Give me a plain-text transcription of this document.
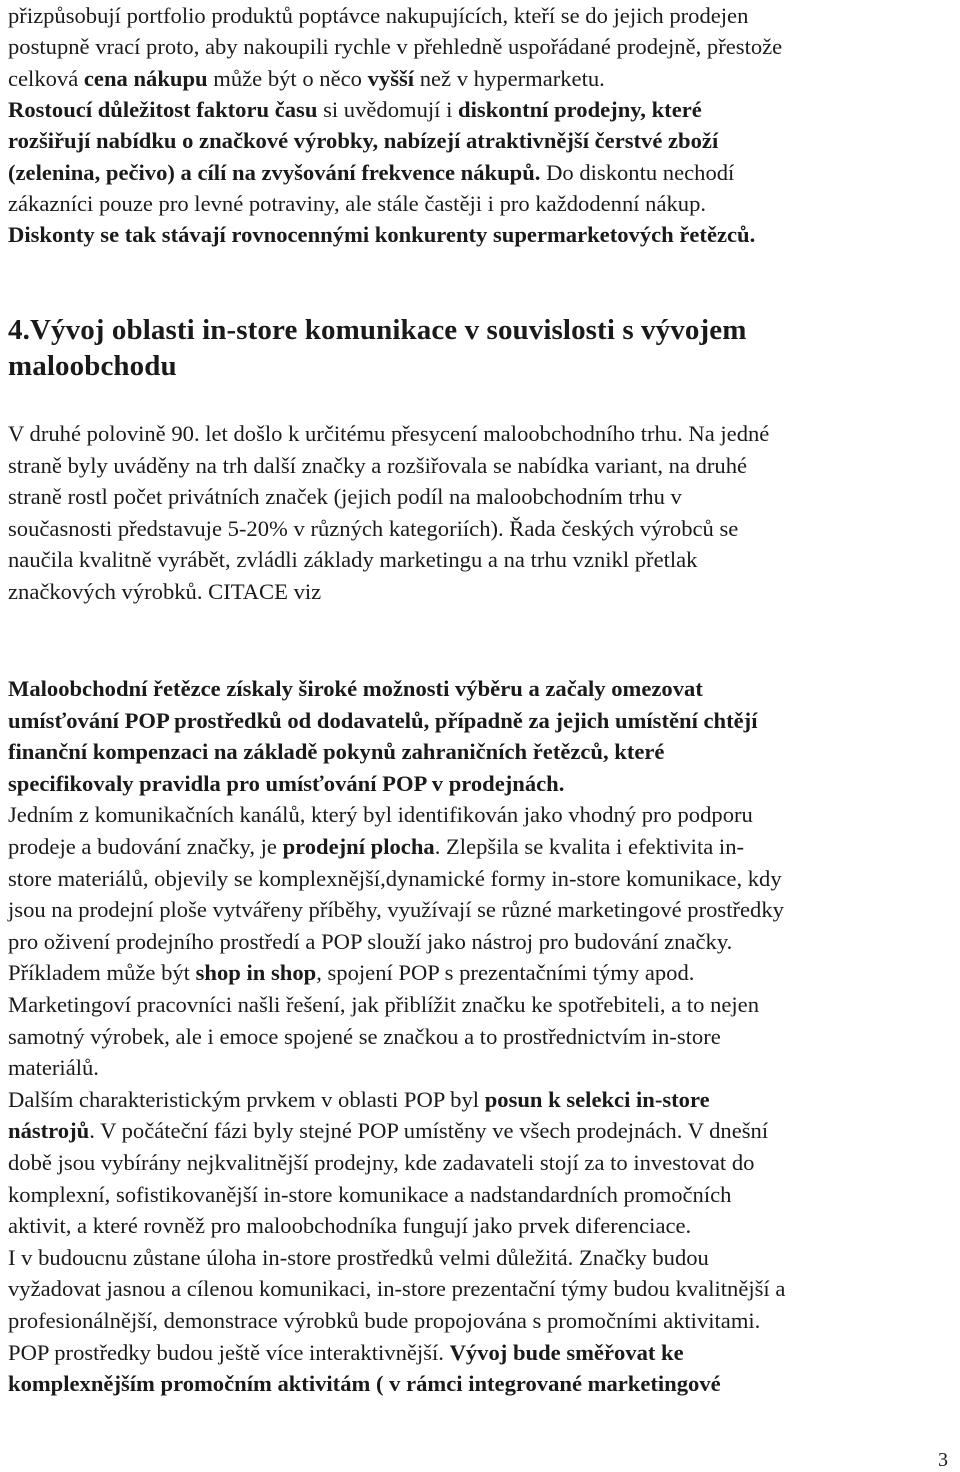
přizpůsobují portfolio produktů poptávce nakupujících, kteří se do jejich prodejen
postupně vrací proto, aby nakoupili rychle v přehledně uspořádané prodejně, přestože
celková cena nákupu může být o něco vyšší než v hypermarketu.
Rostoucí důležitost faktoru času si uvědomují i diskontní prodejny, které
rozšiřují nabídku o značkové výrobky, nabízejí atraktivnější čerstvé zboží
(zelenina, pečivo) a cílí na zvyšování frekvence nákupů. Do diskontu nechodí
zákazníci pouze pro levné potraviny, ale stále častěji i pro každodenní nákup.
Diskonty se tak stávají rovnocennými konkurenty supermarketových řetězců.
4.Vývoj oblasti in-store komunikace v souvislosti s vývojem
maloobchodu
V druhé polovině 90. let došlo k určitému přesycení maloobchodního trhu. Na jedné
straně byly uváděny na trh další značky a rozšiřovala se nabídka variant, na druhé
straně rostl počet privátních značek (jejich podíl na maloobchodním trhu v
současnosti představuje 5-20% v různých kategoriích). Řada českých výrobců se
naučila kvalitně vyrábět, zvládli základy marketingu a na trhu vznikl přetlak
značkových výrobků. CITACE viz
Maloobchodní řetězce získaly široké možnosti výběru a začaly omezovat
umísťování POP prostředků od dodavatelů, případně za jejich umístění chtějí
finanční kompenzaci na základě pokynů zahraničních řetězců, které
specifikovaly pravidla pro umísťování POP v prodejnách.
Jedním z komunikačních kanálů, který byl identifikován jako vhodný pro podporu
prodeje a budování značky, je prodejní plocha. Zlepšila se kvalita i efektivita in-
store materiálů, objevily se komplexnější,dynamické formy in-store komunikace, kdy
jsou na prodejní ploše vytvářeny příběhy, využívají se různé marketingové prostředky
pro oživení prodejního prostředí a POP slouží jako nástroj pro budování značky.
Příkladem může být shop in shop, spojení POP s prezentačními týmy apod.
Marketingoví pracovníci našli řešení, jak přiblížit značku ke spotřebiteli, a to nejen
samotný výrobek, ale i emoce spojené se značkou a to prostřednictvím in-store
materiálů.
Dalším charakteristickým prvkem v oblasti POP byl posun k selekci in-store
nástrojů. V počáteční fázi byly stejné POP umístěny ve všech prodejnách. V dnešní
době jsou vybírány nejkvalitnější prodejny, kde zadavateli stojí za to investovat do
komplexní, sofistikovanější in-store komunikace a nadstandardních promočních
aktivit, a které rovněž pro maloobchodníka fungují jako prvek diferenciace.
I v budoucnu zůstane úloha in-store prostředků velmi důležitá. Značky budou
vyžadovat jasnou a cílenou komunikaci, in-store prezentační týmy budou kvalitnější a
profesionálnější, demonstrace výrobků bude propojována s promočními aktivitami.
POP prostředky budou ještě více interaktivnější. Vývoj bude směřovat ke
komplexnějším promočním aktivitám ( v rámci integrované marketingové
3
